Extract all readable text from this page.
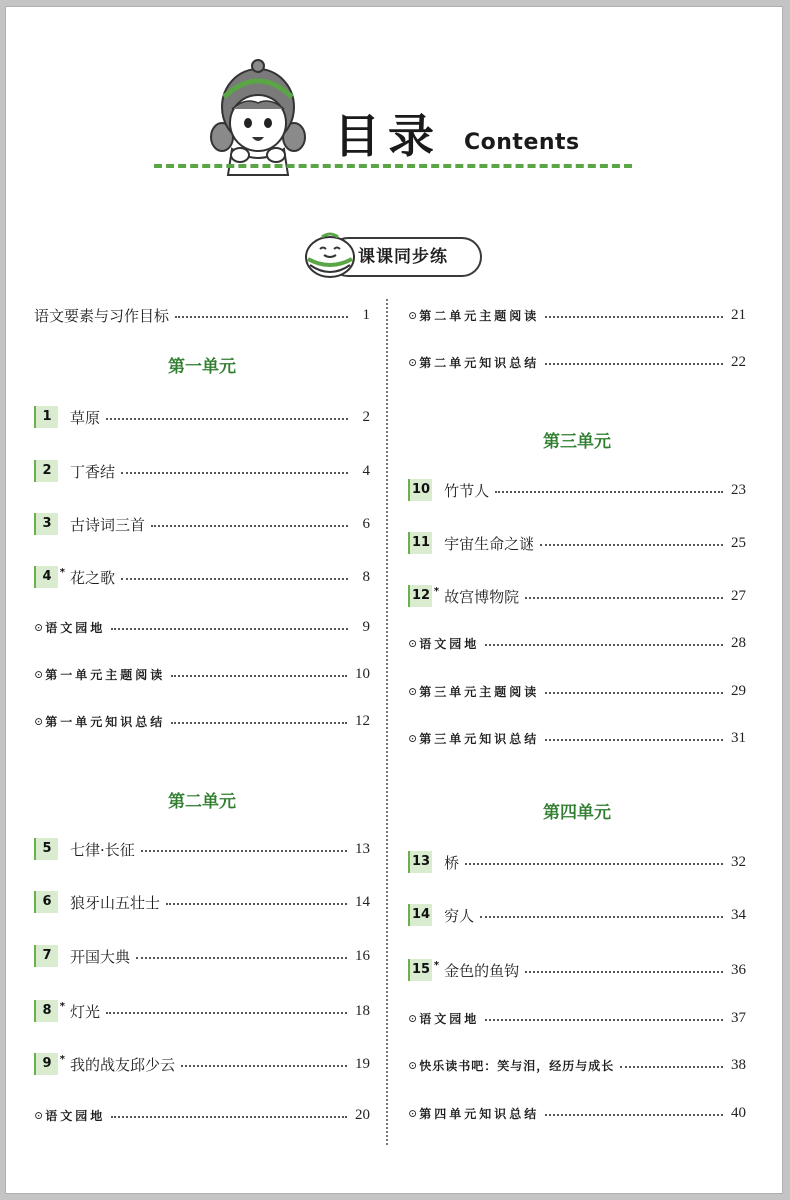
目录 Contents
课课同步练
语文要素与习作目标	1
第一单元
1	草原	2
2	丁香结	4
3	古诗词三首	6
4 *	花之歌	8
⊙ 语文园地	9
⊙ 第一单元主题阅读	10
⊙ 第一单元知识总结	12
第二单元
5	七律·长征	13
6	狼牙山五壮士	14
7	开国大典	16
8 *	灯光	18
9 *	我的战友邱少云	19
⊙ 语文园地	20
⊙ 第二单元主题阅读	21
⊙ 第二单元知识总结	22
第三单元
10 竹节人	23
11 宇宙生命之谜	25
12 * 故宫博物院	27
⊙ 语文园地	28
⊙ 第三单元主题阅读	29
⊙ 第三单元知识总结	31
第四单元
13 桥	32
14 穷人	34
15 * 金色的鱼钩	36
⊙ 语文园地	37
⊙ 快乐读书吧：笑与泪，经历与成长	38
⊙ 第四单元知识总结	40
